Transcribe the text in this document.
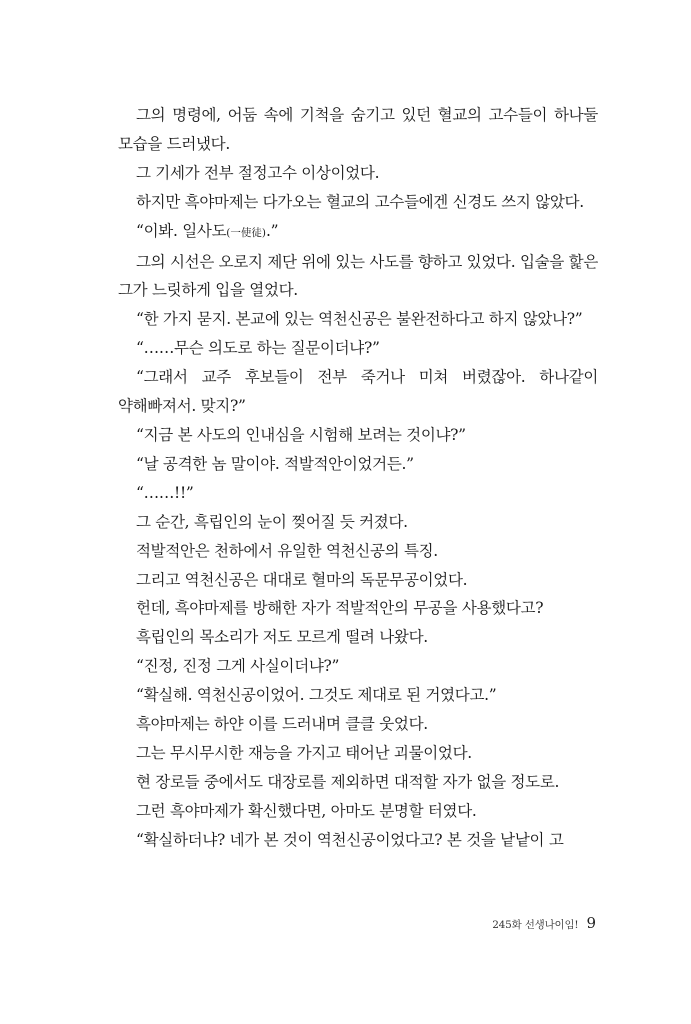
그의 명령에, 어둠 속에 기척을 숨기고 있던 혈교의 고수들이 하나둘 모습을 드러냈다.

그 기세가 전부 절정고수 이상이었다.

하지만 흑야마제는 다가오는 혈교의 고수들에겐 신경도 쓰지 않았다.

“이봐. 일사도(一使徒).”

그의 시선은 오로지 제단 위에 있는 사도를 향하고 있었다. 입술을 핥은 그가 느릿하게 입을 열었다.

“한 가지 묻지. 본교에 있는 역천신공은 불완전하다고 하지 않았나?”

“……무슨 의도로 하는 질문이더냐?”

“그래서 교주 후보들이 전부 죽거나 미쳐 버렸잖아. 하나같이 약해빠져서. 맞지?”

“지금 본 사도의 인내심을 시험해 보려는 것이냐?”

“날 공격한 놈 말이야. 적발적안이었거든.”

“……!!”

그 순간, 흑립인의 눈이 찢어질 듯 커졌다.

적발적안은 천하에서 유일한 역천신공의 특징.

그리고 역천신공은 대대로 혈마의 독문무공이었다.

헌데, 흑야마제를 방해한 자가 적발적안의 무공을 사용했다고?

흑립인의 목소리가 저도 모르게 떨려 나왔다.

“진정, 진정 그게 사실이더냐?”

“확실해. 역천신공이었어. 그것도 제대로 된 거였다고.”

흑야마제는 하얀 이를 드러내며 클클 웃었다.

그는 무시무시한 재능을 가지고 태어난 괴물이었다.

현 장로들 중에서도 대장로를 제외하면 대적할 자가 없을 정도로.

그런 흑야마제가 확신했다면, 아마도 분명할 터였다.

“확실하더냐? 네가 본 것이 역천신공이었다고? 본 것을 낱낱이 고

245화 선생나이임! 9
